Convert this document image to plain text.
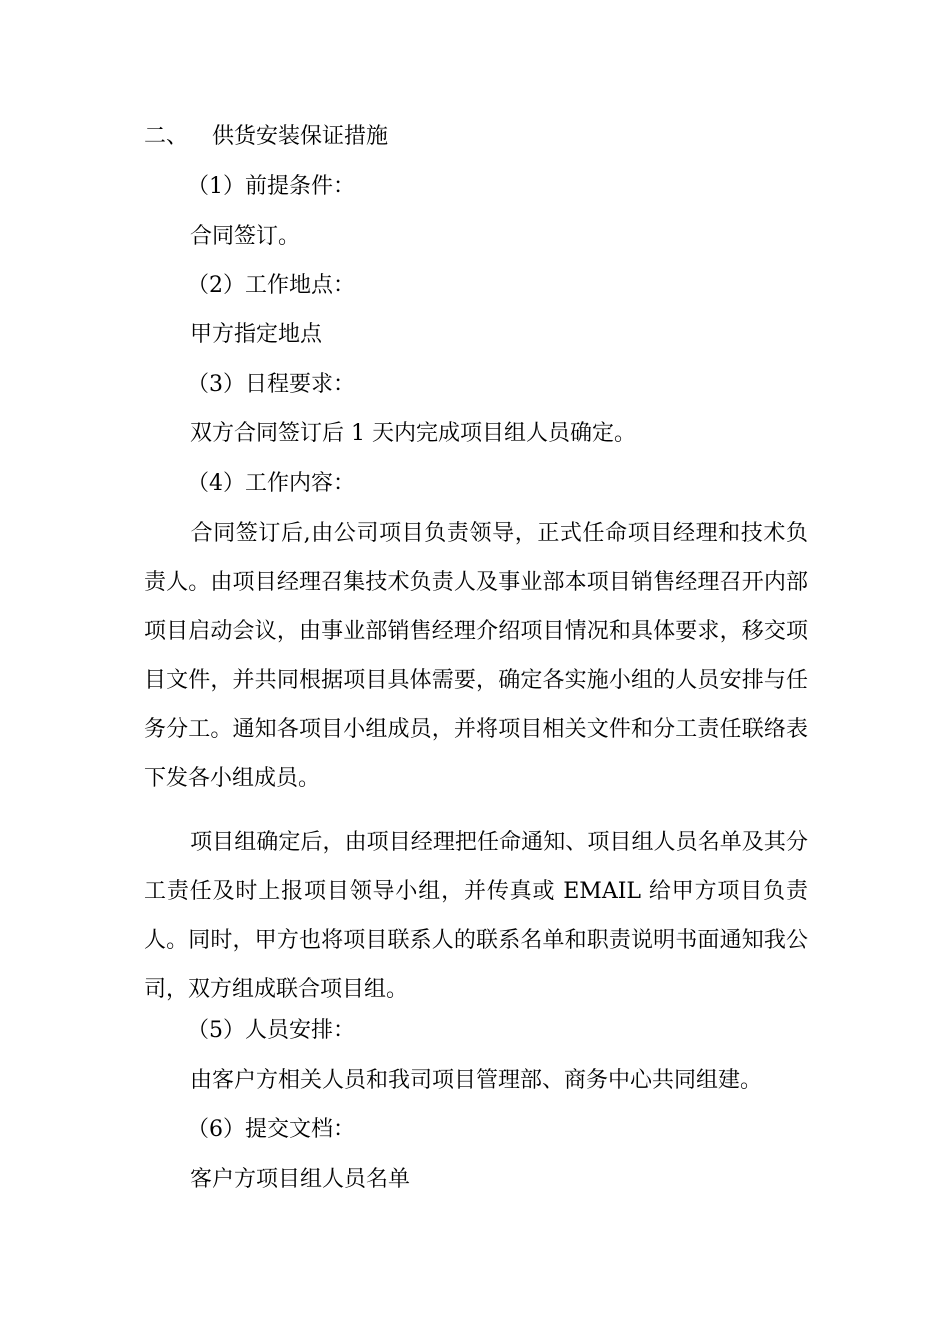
二、 供货安装保证措施
（1）前提条件：
合同签订。
（2）工作地点：
甲方指定地点
（3）日程要求：
双方合同签订后 1 天内完成项目组人员确定。
（4）工作内容：
合同签订后,由公司项目负责领导，正式任命项目经理和技术负责人。由项目经理召集技术负责人及事业部本项目销售经理召开内部项目启动会议，由事业部销售经理介绍项目情况和具体要求，移交项目文件，并共同根据项目具体需要，确定各实施小组的人员安排与任务分工。通知各项目小组成员，并将项目相关文件和分工责任联络表下发各小组成员。
项目组确定后，由项目经理把任命通知、项目组人员名单及其分工责任及时上报项目领导小组，并传真或 EMAIL 给甲方项目负责人。同时，甲方也将项目联系人的联系名单和职责说明书面通知我公司，双方组成联合项目组。
（5）人员安排：
由客户方相关人员和我司项目管理部、商务中心共同组建。
（6）提交文档：
客户方项目组人员名单
